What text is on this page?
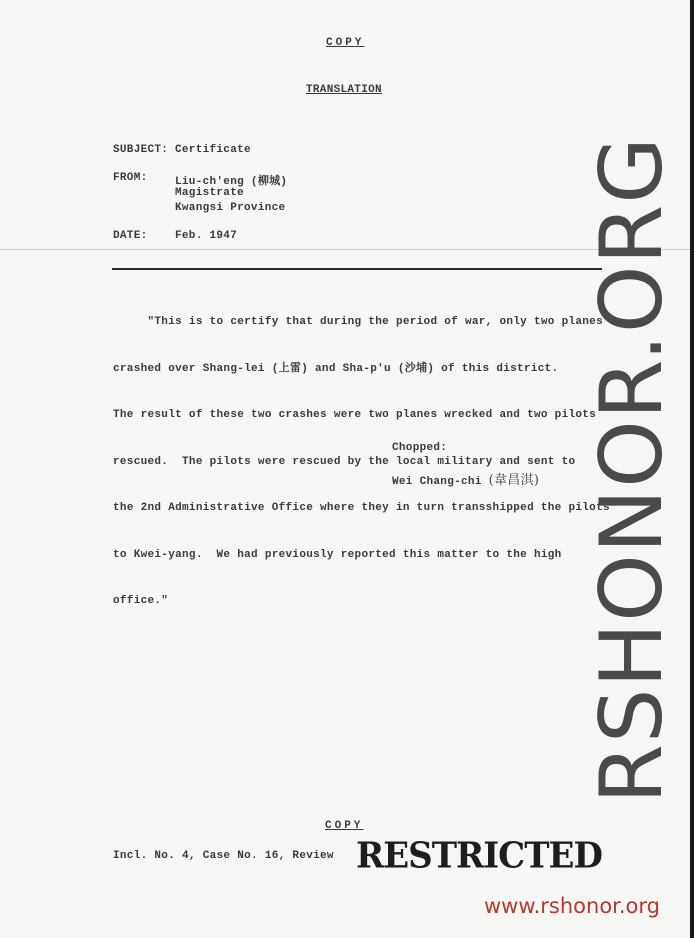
COPY
TRANSLATION
SUBJECT: Certificate
FROM: Liu-ch'eng (柳城)
Magistrate
Kwangsi Province
DATE: Feb. 1947

"This is to certify that during the period of war, only two planes

crashed over Shang-lei (上雷) and Sha-p'u (沙埔) of this district.

The result of these two crashes were two planes wrecked and two pilots

rescued.  The pilots were rescued by the local military and sent to

the 2nd Administrative Office where they in turn transshipped the pilots

to Kwei-yang.  We had previously reported this matter to the high

office."

Chopped:
Wei Chang-chi (韋昌淇)
COPY
Incl. No. 4, Case No. 16, Review RESTRICTED
RSHONOR.ORG
www.rshonor.org
